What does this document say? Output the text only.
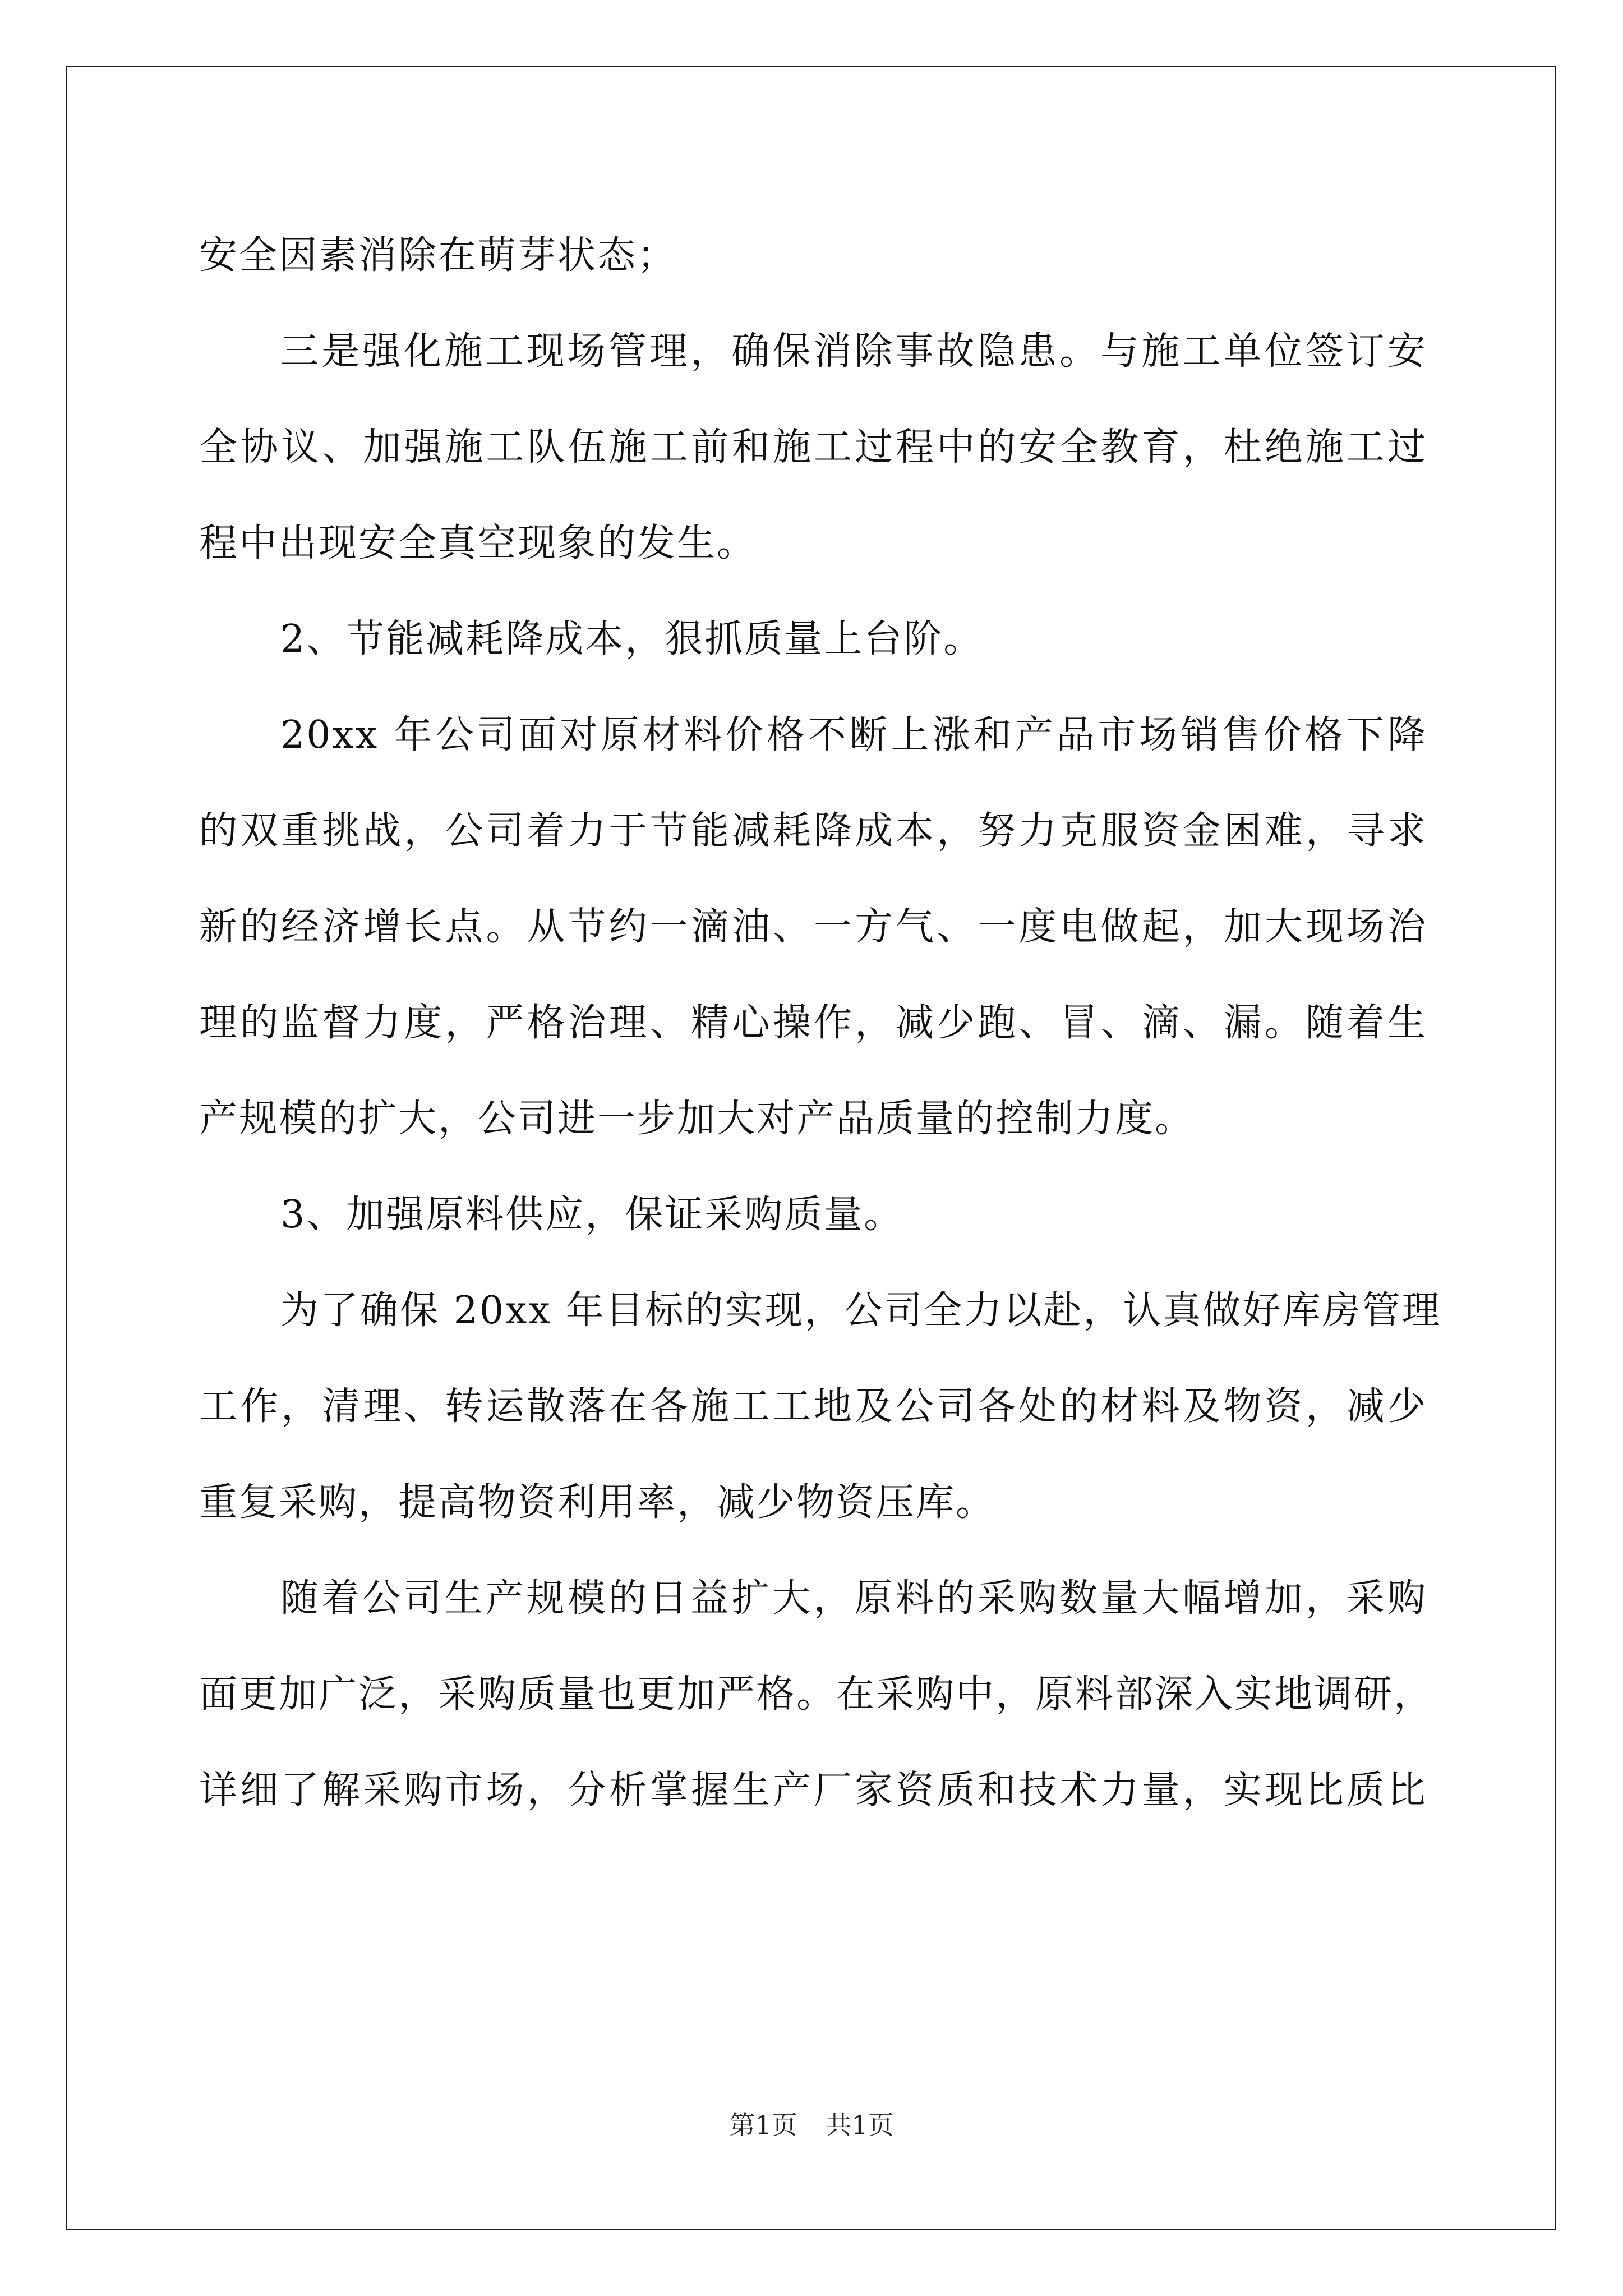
安全因素消除在萌芽状态；
三是强化施工现场管理，确保消除事故隐患。与施工单位签订安
全协议、加强施工队伍施工前和施工过程中的安全教育，杜绝施工过
程中出现安全真空现象的发生。
2、节能减耗降成本，狠抓质量上台阶。
20xx 年公司面对原材料价格不断上涨和产品市场销售价格下降
的双重挑战，公司着力于节能减耗降成本，努力克服资金困难，寻求
新的经济增长点。从节约一滴油、一方气、一度电做起，加大现场治
理的监督力度，严格治理、精心操作，减少跑、冒、滴、漏。随着生
产规模的扩大，公司进一步加大对产品质量的控制力度。
3、加强原料供应，保证采购质量。
为了确保 20xx 年目标的实现，公司全力以赴，认真做好库房管理
工作，清理、转运散落在各施工工地及公司各处的材料及物资，减少
重复采购，提高物资利用率，减少物资压库。
随着公司生产规模的日益扩大，原料的采购数量大幅增加，采购
面更加广泛，采购质量也更加严格。在采购中，原料部深入实地调研，
详细了解采购市场，分析掌握生产厂家资质和技术力量，实现比质比
第1页 共1页
